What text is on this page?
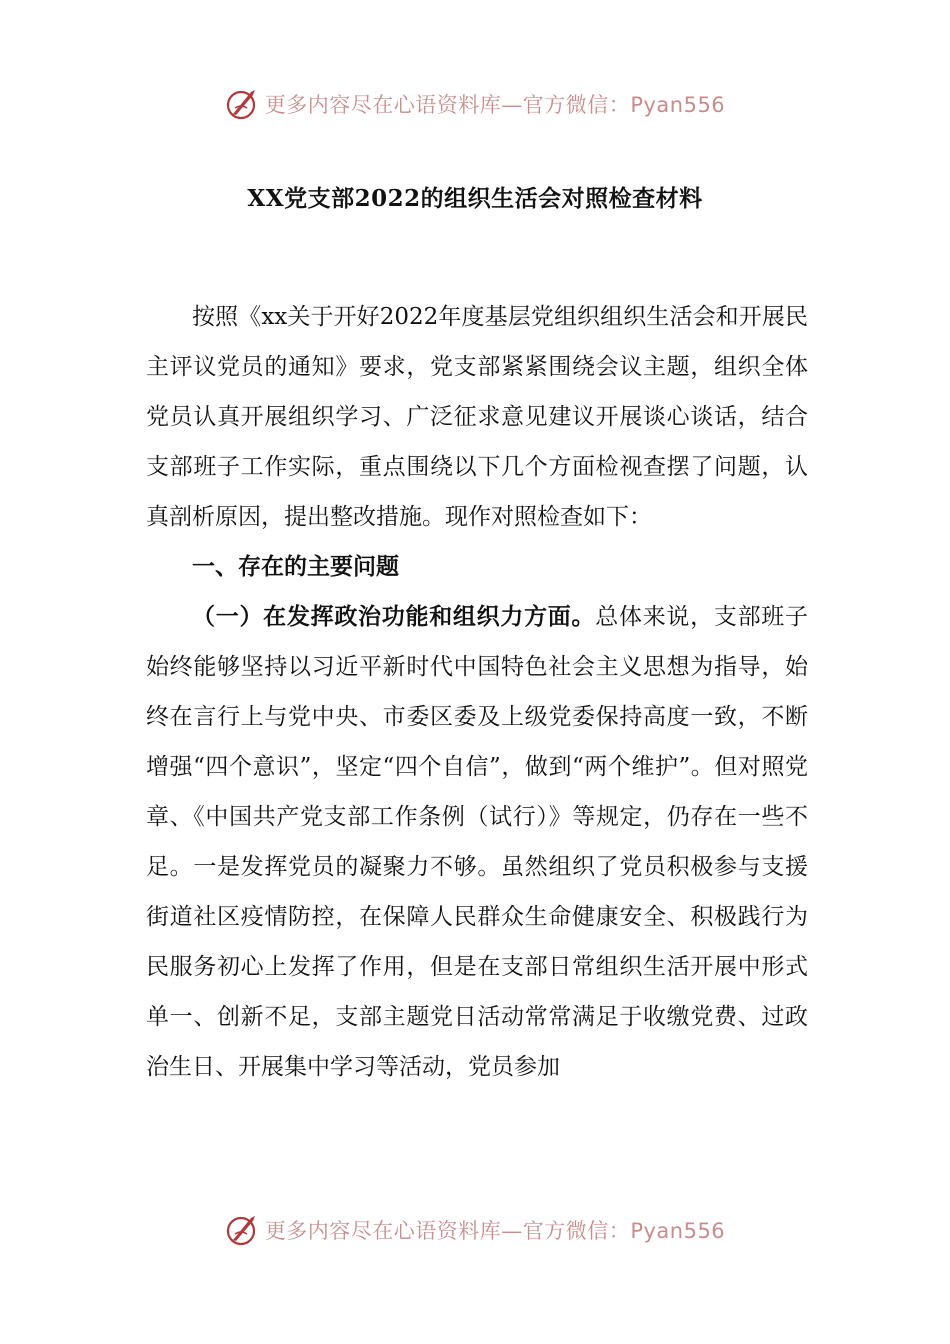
更多内容尽在心语资料库—官方微信：Pyan556
XX党支部2022的组织生活会对照检查材料

按照《xx关于开好2022年度基层党组织组织生活会和开展民主评议党员的通知》要求，党支部紧紧围绕会议主题，组织全体党员认真开展组织学习、广泛征求意见建议开展谈心谈话，结合支部班子工作实际，重点围绕以下几个方面检视查摆了问题，认真剖析原因，提出整改措施。现作对照检查如下：

一、存在的主要问题

（一）在发挥政治功能和组织力方面。总体来说，支部班子始终能够坚持以习近平新时代中国特色社会主义思想为指导，始终在言行上与党中央、市委区委及上级党委保持高度一致，不断增强“四个意识”，坚定“四个自信”，做到“两个维护”。但对照党章、《中国共产党支部工作条例（试行）》等规定，仍存在一些不足。一是发挥党员的凝聚力不够。虽然组织了党员积极参与支援街道社区疫情防控，在保障人民群众生命健康安全、积极践行为民服务初心上发挥了作用，但是在支部日常组织生活开展中形式单一、创新不足，支部主题党日活动常常满足于收缴党费、过政治生日、开展集中学习等活动，党员参加

更多内容尽在心语资料库—官方微信：Pyan556
